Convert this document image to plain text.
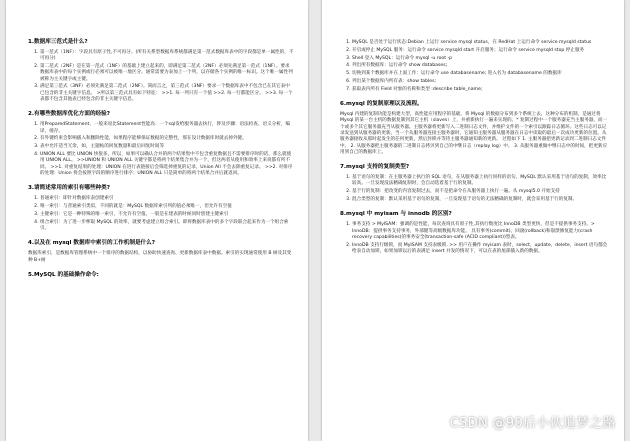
1.数据库三范式是什么?
1. 第一范式（1NF）：字段具有原子性,不可再分。(所有关系型数据库系统都满足第一范式数据库表中的字段都是单一属性的，不可再分)
2. 第二范式（2NF）是在第一范式（1NF）的基础上建立起来的，即满足第二范式（2NF）必须先满足第一范式（1NF）。要求数据库表中的每个实例或行必须可以被唯一地区分。通常需要为表加上一个列，以存储各个实例的唯一标识。这个唯一属性列被称为主关键字或主键。
3. 满足第三范式（3NF）必须先满足第二范式（2NF）。简而言之，第三范式（3NF）要求一个数据库表中不包含已在其它表中已包含的非主关键字信息。 >所以第三范式具有如下特征： >>1. 每一列只有一个值 >>2. 每一行都能区分。 >>3. 每一个表都不包含其他表已经包含的非主关键字信息。
2.有哪些数据库优化方面的经验?
1. 用PreparedStatement，一般来说比Statement性能高：一个sql发给服务器去执行，涉及步骤：语法检查、语义分析，编译，缓存。
2. 有外键约束会影响插入和删除性能，如果程序能够保证数据的完整性，那在设计数据库时就去掉外键。
3. 表中允许适当冗余，如，主题帖的回复数量和最后回复时间等
4. UNION ALL 要比 UNION 快很多，所以，如果可以确认合并的两个结果集中不包含重复数据且不需要排序时的话，那么就使用 UNION ALL。 >>UNION 和 UNION ALL 关键字都是将两个结果集合并为一个，但这两者从使用和效率上来说都有所不同。 >>1. 对重复结果的处理：UNION 在进行表链接后会筛选掉重复的记录，Union All 不会去除重复记录。 >>2. 对排序的处理：Union 将会按照字段的顺序进行排序；UNION ALL 只是简单的将两个结果合并后就返回。
3.请简述常用的索引有哪些种类?
1. 普通索引：即针对数据库表创建索引
2. 唯一索引：与普通索引类似，不同的就是：MySQL 数据库索引列的值必须唯一，但允许有空值
3. 主键索引：它是一种特殊的唯一索引，不允许有空值。一般是在建表的时候同时创建主键索引
4. 组合索引：为了进一步榨取 MySQL 的效率，就要考虑建立组合索引。即将数据库表中的多个字段联合起来作为一个组合索引。
4.以及在 mysql 数据库中索引的工作机制是什么?

数据库索引，是数据库管理系统中一个排序的数据结构，以协助快速查询、更新数据库表中数据。索引的实现通常使用 B 树及其变种 B+树

5.MySQL 的基础操作命令:
1. MySQL 是否处于运行状态:Debian 上运行 service mysql status，在 RedHat 上运行命令 service mysqld status
2. 开启或停止 MySQL 服务：运行命令 service mysqld start 开启服务；运行命令 service mysqld stop 停止服务
3. Shell 登入 MySQL：运行命令 mysql -u root -p
4. 列出所有数据库：运行命令 show databases;
5. 切换到某个数据库并在上面工作：运行命令 use databasename; 进入名为 databasename 的数据库
6. 列出某个数据库内所有表：show tables;
7. 获取表内所有 Field 对象的名称和类型 :describe table_name;
6.mysql 的复制原理以及流程。

Mysql 内建的复制功能是构建大型，高性能应用程序的基础。将 Mysql 的数据分布到多个系统上去，这种分布的机制，是通过将 Mysql 的某一台主机的数据复制到其它主机（slaves）上，并重新执行一遍来实现的。* 复制过程中一个服务器充当主服务器，而一个或多个其它服务器充当从服务器。主服务器将更新写入二进制日志文件，并维护文件的一个索引以跟踪日志循环。这些日志可以记录发送到从服务器的更新。当一个从服务器连接主服务器时，它通知主服务器从服务器在日志中读取的最后一次成功更新的位置。从服务器接收从那时起发生的任何更新，然后封锁并等待主服务器通知新的更新。 过程如下 1. 主服务器把更新记录到二进制日志文件中。 2. 从服务器把主服务器的二进制日志拷贝到自己的中继日志（replay log）中。 3. 从服务器重做中继日志中的时间，把更新应用到自己的数据库上。

7.mysql 支持的复制类型?
1. 基于语句的复制：在主服务器上执行的 SQL 语句，在从服务器上执行同样的语句。MySQL 默认采用基于语句的复制，效率比较高。一旦发现没法精确复制时，会自动选着基于行的复制。
2. 基于行的复制：把改变的内容复制过去，而不是把命令在从服务器上执行一遍。从 mysql5.0 开始支持
3. 混合类型的复制：默认采用基于语句的复制，一旦发现基于语句的无法精确的复制时，就会采用基于行的复制。
8.mysql 中 myisam 与 innodb 的区别?
1. 事务支持 > MyISAM：强调的是性能，每次查询具有原子性,其执行数度比 InnoDB 类型更快，但是不提供事务支持。> InnoDB：提供事务支持事务，外部键等高级数据库功能。 具有事务(commit)、回滚(rollback)和崩溃修复能力(crash recovery capabilities)的事务安全(transaction-safe (ACID compliant))型表。
2. InnoDB 支持行级锁，而 MyISAM 支持表级锁. >> 用户在操作 myisam 表时，select，update，delete，insert 语句都会给表自动加锁，如果加锁以后的表满足 insert 并发的情况下，可以在表的尾部插入新的数据。
CSDN @90后小伙追梦之路
